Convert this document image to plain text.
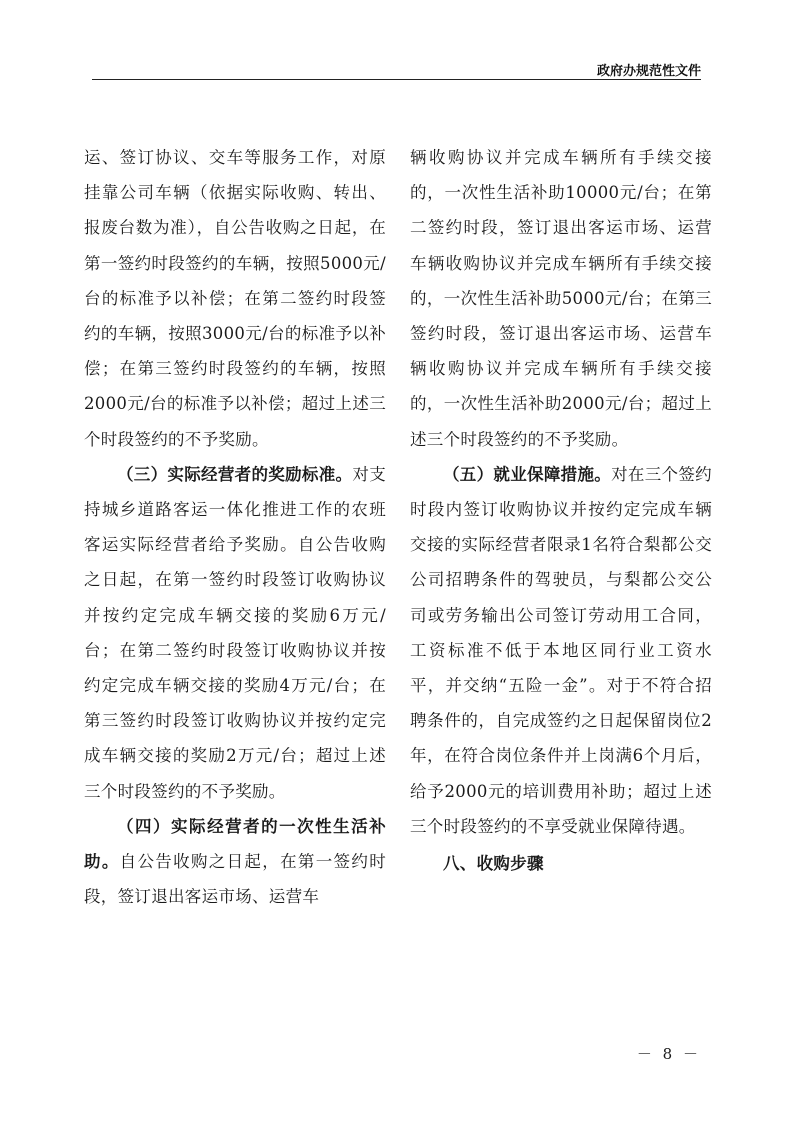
政府办规范性文件

运、签订协议、交车等服务工作，对原挂靠公司车辆（依据实际收购、转出、报废台数为准），自公告收购之日起，在第一签约时段签约的车辆，按照5000元/台的标准予以补偿；在第二签约时段签约的车辆，按照3000元/台的标准予以补偿；在第三签约时段签约的车辆，按照2000元/台的标准予以补偿；超过上述三个时段签约的不予奖励。

（三）实际经营者的奖励标准。对支持城乡道路客运一体化推进工作的农班客运实际经营者给予奖励。自公告收购之日起，在第一签约时段签订收购协议并按约定完成车辆交接的奖励6万元/台；在第二签约时段签订收购协议并按约定完成车辆交接的奖励4万元/台；在第三签约时段签订收购协议并按约定完成车辆交接的奖励2万元/台；超过上述三个时段签约的不予奖励。

（四）实际经营者的一次性生活补助。自公告收购之日起，在第一签约时段，签订退出客运市场、运营车

辆收购协议并完成车辆所有手续交接的，一次性生活补助10000元/台；在第二签约时段，签订退出客运市场、运营车辆收购协议并完成车辆所有手续交接的，一次性生活补助5000元/台；在第三签约时段，签订退出客运市场、运营车辆收购协议并完成车辆所有手续交接的，一次性生活补助2000元/台；超过上述三个时段签约的不予奖励。

（五）就业保障措施。对在三个签约时段内签订收购协议并按约定完成车辆交接的实际经营者限录1名符合梨都公交公司招聘条件的驾驶员，与梨都公交公司或劳务输出公司签订劳动用工合同，工资标准不低于本地区同行业工资水平，并交纳“五险一金”。对于不符合招聘条件的，自完成签约之日起保留岗位2年，在符合岗位条件并上岗满6个月后，给予2000元的培训费用补助；超过上述三个时段签约的不享受就业保障待遇。

八、收购步骤

－ 8 －
